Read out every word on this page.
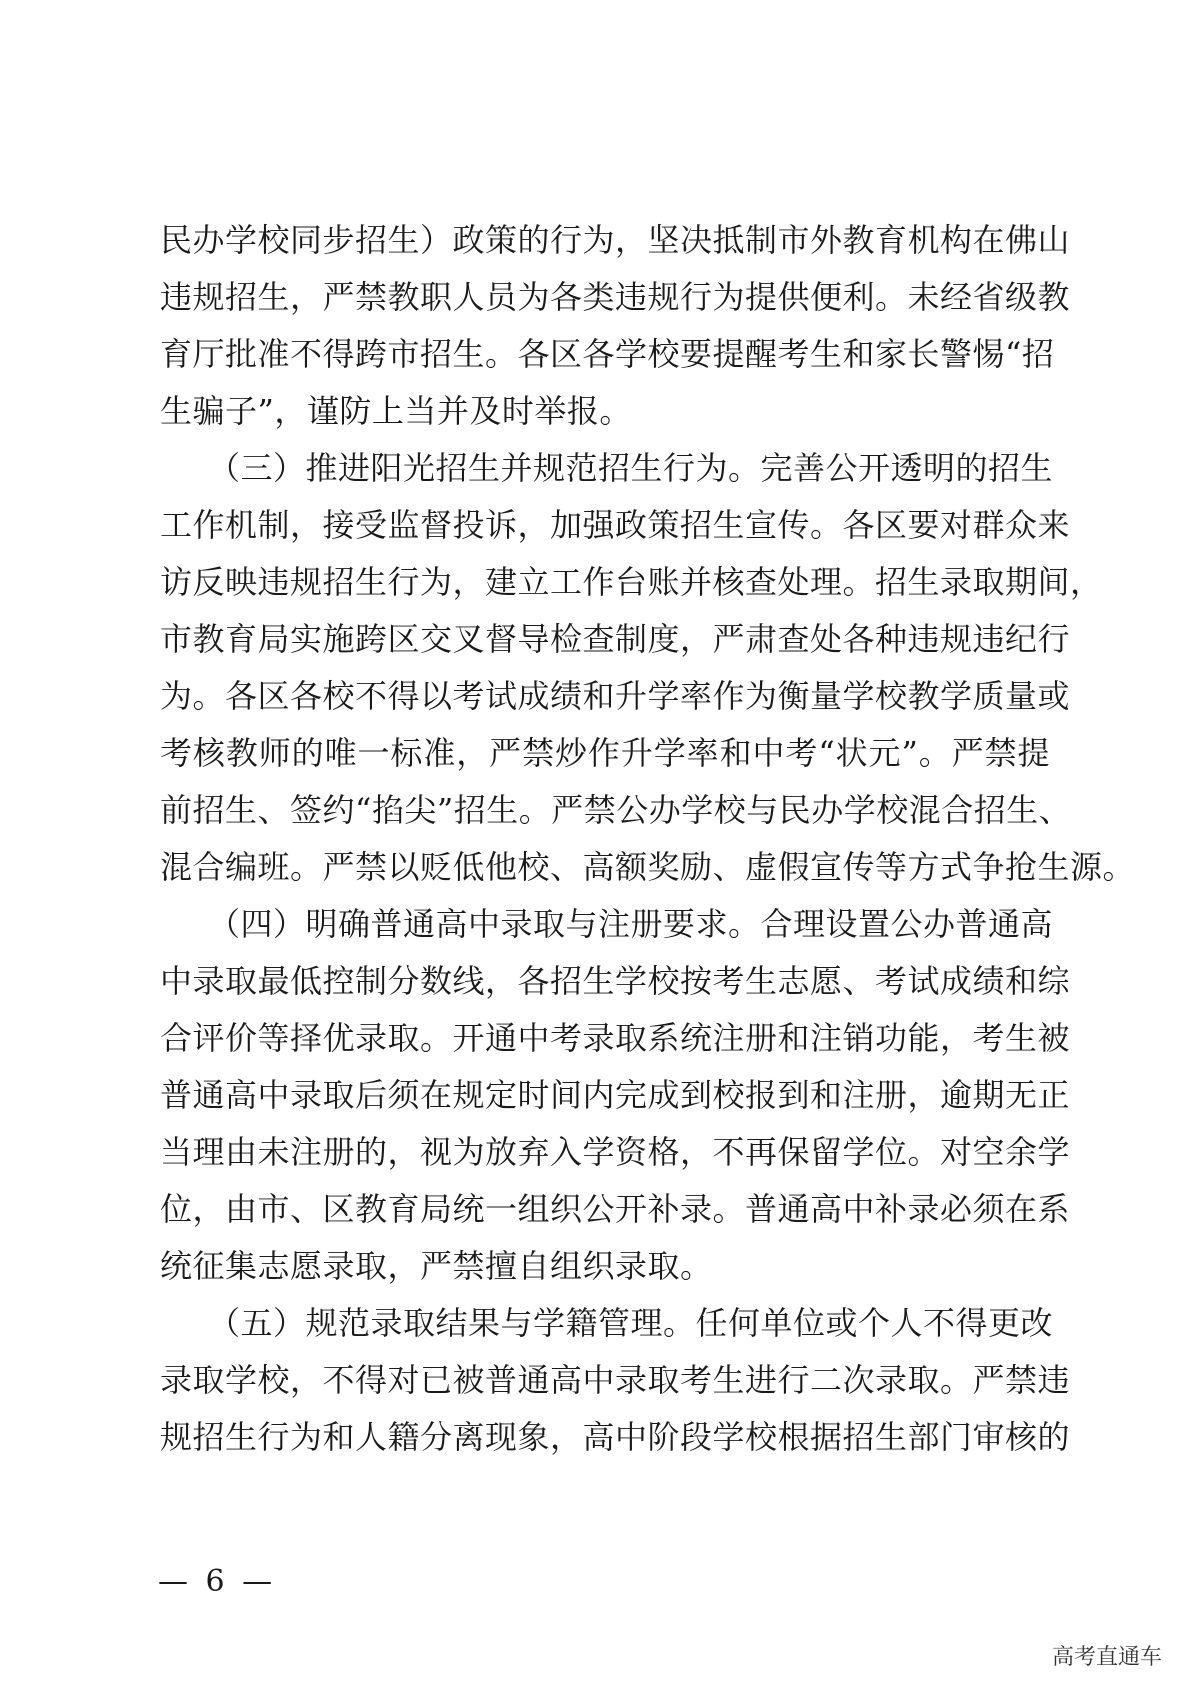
民办学校同步招生）政策的行为，坚决抵制市外教育机构在佛山
违规招生，严禁教职人员为各类违规行为提供便利。未经省级教
育厅批准不得跨市招生。各区各学校要提醒考生和家长警惕“招
生骗子”，谨防上当并及时举报。
（三）推进阳光招生并规范招生行为。完善公开透明的招生
工作机制，接受监督投诉，加强政策招生宣传。各区要对群众来
访反映违规招生行为，建立工作台账并核查处理。招生录取期间，
市教育局实施跨区交叉督导检查制度，严肃查处各种违规违纪行
为。各区各校不得以考试成绩和升学率作为衡量学校教学质量或
考核教师的唯一标准，严禁炒作升学率和中考“状元”。严禁提
前招生、签约“掐尖”招生。严禁公办学校与民办学校混合招生、
混合编班。严禁以贬低他校、高额奖励、虚假宣传等方式争抢生源。
（四）明确普通高中录取与注册要求。合理设置公办普通高
中录取最低控制分数线，各招生学校按考生志愿、考试成绩和综
合评价等择优录取。开通中考录取系统注册和注销功能，考生被
普通高中录取后须在规定时间内完成到校报到和注册，逾期无正
当理由未注册的，视为放弃入学资格，不再保留学位。对空余学
位，由市、区教育局统一组织公开补录。普通高中补录必须在系
统征集志愿录取，严禁擅自组织录取。
（五）规范录取结果与学籍管理。任何单位或个人不得更改
录取学校，不得对已被普通高中录取考生进行二次录取。严禁违
规招生行为和人籍分离现象，高中阶段学校根据招生部门审核的
— 6 —
高考直通车
